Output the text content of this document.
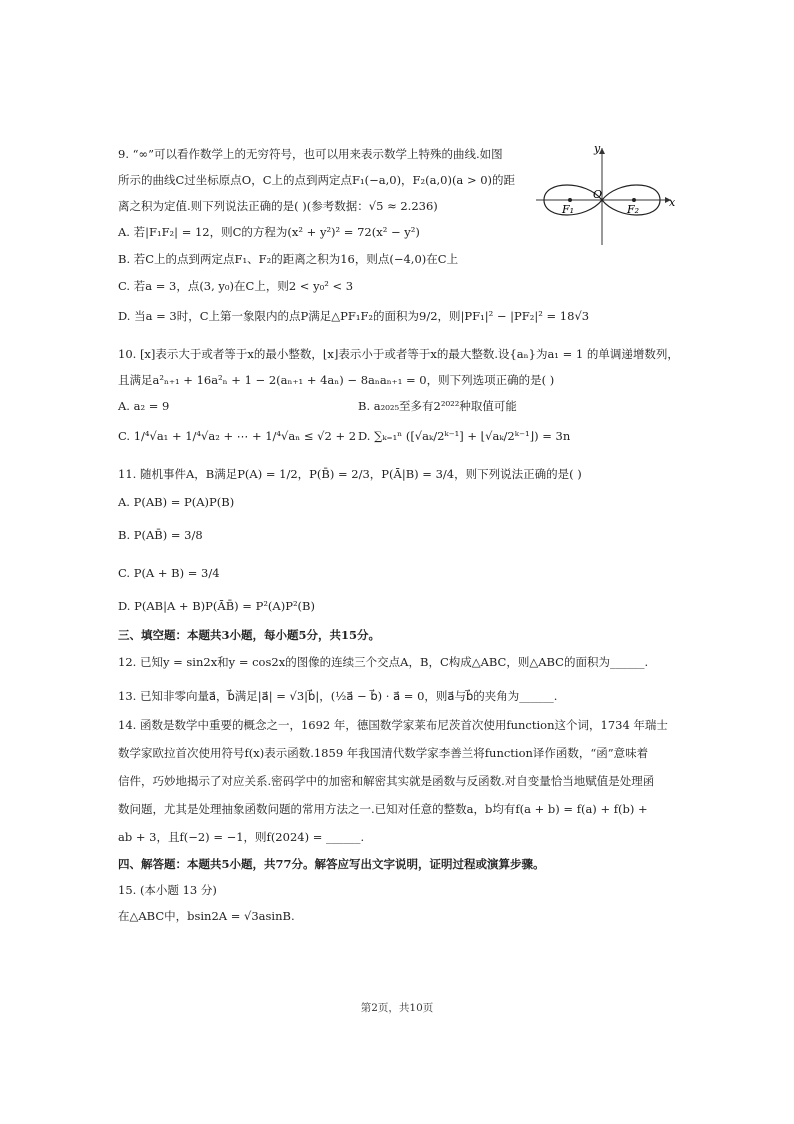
9. “∞”可以看作数学上的无穷符号，也可以用来表示数学上特殊的曲线.如图
所示的曲线C过坐标原点O，C上的点到两定点F₁(−a,0)，F₂(a,0)(a > 0)的距
离之积为定值.则下列说法正确的是( )(参考数据：√5 ≈ 2.236)
A. 若|F₁F₂| = 12，则C的方程为(x² + y²)² = 72(x² − y²)
B. 若C上的点到两定点F₁、F₂的距离之积为16，则点(−4,0)在C上
C. 若a = 3，点(3, y₀)在C上，则2 < y₀² < 3
D. 当a = 3时，C上第一象限内的点P满足△PF₁F₂的面积为9/2，则|PF₁|² − |PF₂|² = 18√3
y
x
O
F₁	F₂
10. [x]表示大于或者等于x的最小整数，⌊x⌋表示小于或者等于x的最大整数.设{aₙ}为a₁ = 1 的单调递增数列，
且满足a²ₙ₊₁ + 16a²ₙ + 1 − 2(aₙ₊₁ + 4aₙ) − 8aₙaₙ₊₁ = 0，则下列选项正确的是( )
A. a₂ = 9	B. a₂₀₂₅至多有2²⁰²²种取值可能
C. 1/⁴√a₁ + 1/⁴√a₂ + ⋯ + 1/⁴√aₙ ≤ √2 + 2 D. ∑ₖ₌₁ⁿ ([√aₖ/2ᵏ⁻¹] + ⌊√aₖ/2ᵏ⁻¹⌋) = 3n
11. 随机事件A，B满足P(A) = 1/2，P(B̄) = 2/3，P(Ā|B) = 3/4，则下列说法正确的是( )
A. P(AB) = P(A)P(B)
B. P(AB̄) = 3/8
C. P(A + B) = 3/4
D. P(AB|A + B)P(ĀB̄) = P²(A)P²(B)
三、填空题：本题共3小题，每小题5分，共15分。
12. 已知y = sin2x和y = cos2x的图像的连续三个交点A，B，C构成△ABC，则△ABC的面积为______.
13. 已知非零向量a⃗，b⃗满足|a⃗| = √3|b⃗|，(½a⃗ − b⃗) · a⃗ = 0，则a⃗与b⃗的夹角为______.
14. 函数是数学中重要的概念之一，1692 年，德国数学家莱布尼茨首次使用function这个词，1734 年瑞士
数学家欧拉首次使用符号f(x)表示函数.1859 年我国清代数学家李善兰将function译作函数，“函”意味着
信件，巧妙地揭示了对应关系.密码学中的加密和解密其实就是函数与反函数.对自变量恰当地赋值是处理函
数问题，尤其是处理抽象函数问题的常用方法之一.已知对任意的整数a，b均有f(a + b) = f(a) + f(b) +
ab + 3，且f(−2) = −1，则f(2024) = ______.
四、解答题：本题共5小题，共77分。解答应写出文字说明，证明过程或演算步骤。
15. (本小题 13 分)
在△ABC中，bsin2A = √3asinB.
第2页，共10页
